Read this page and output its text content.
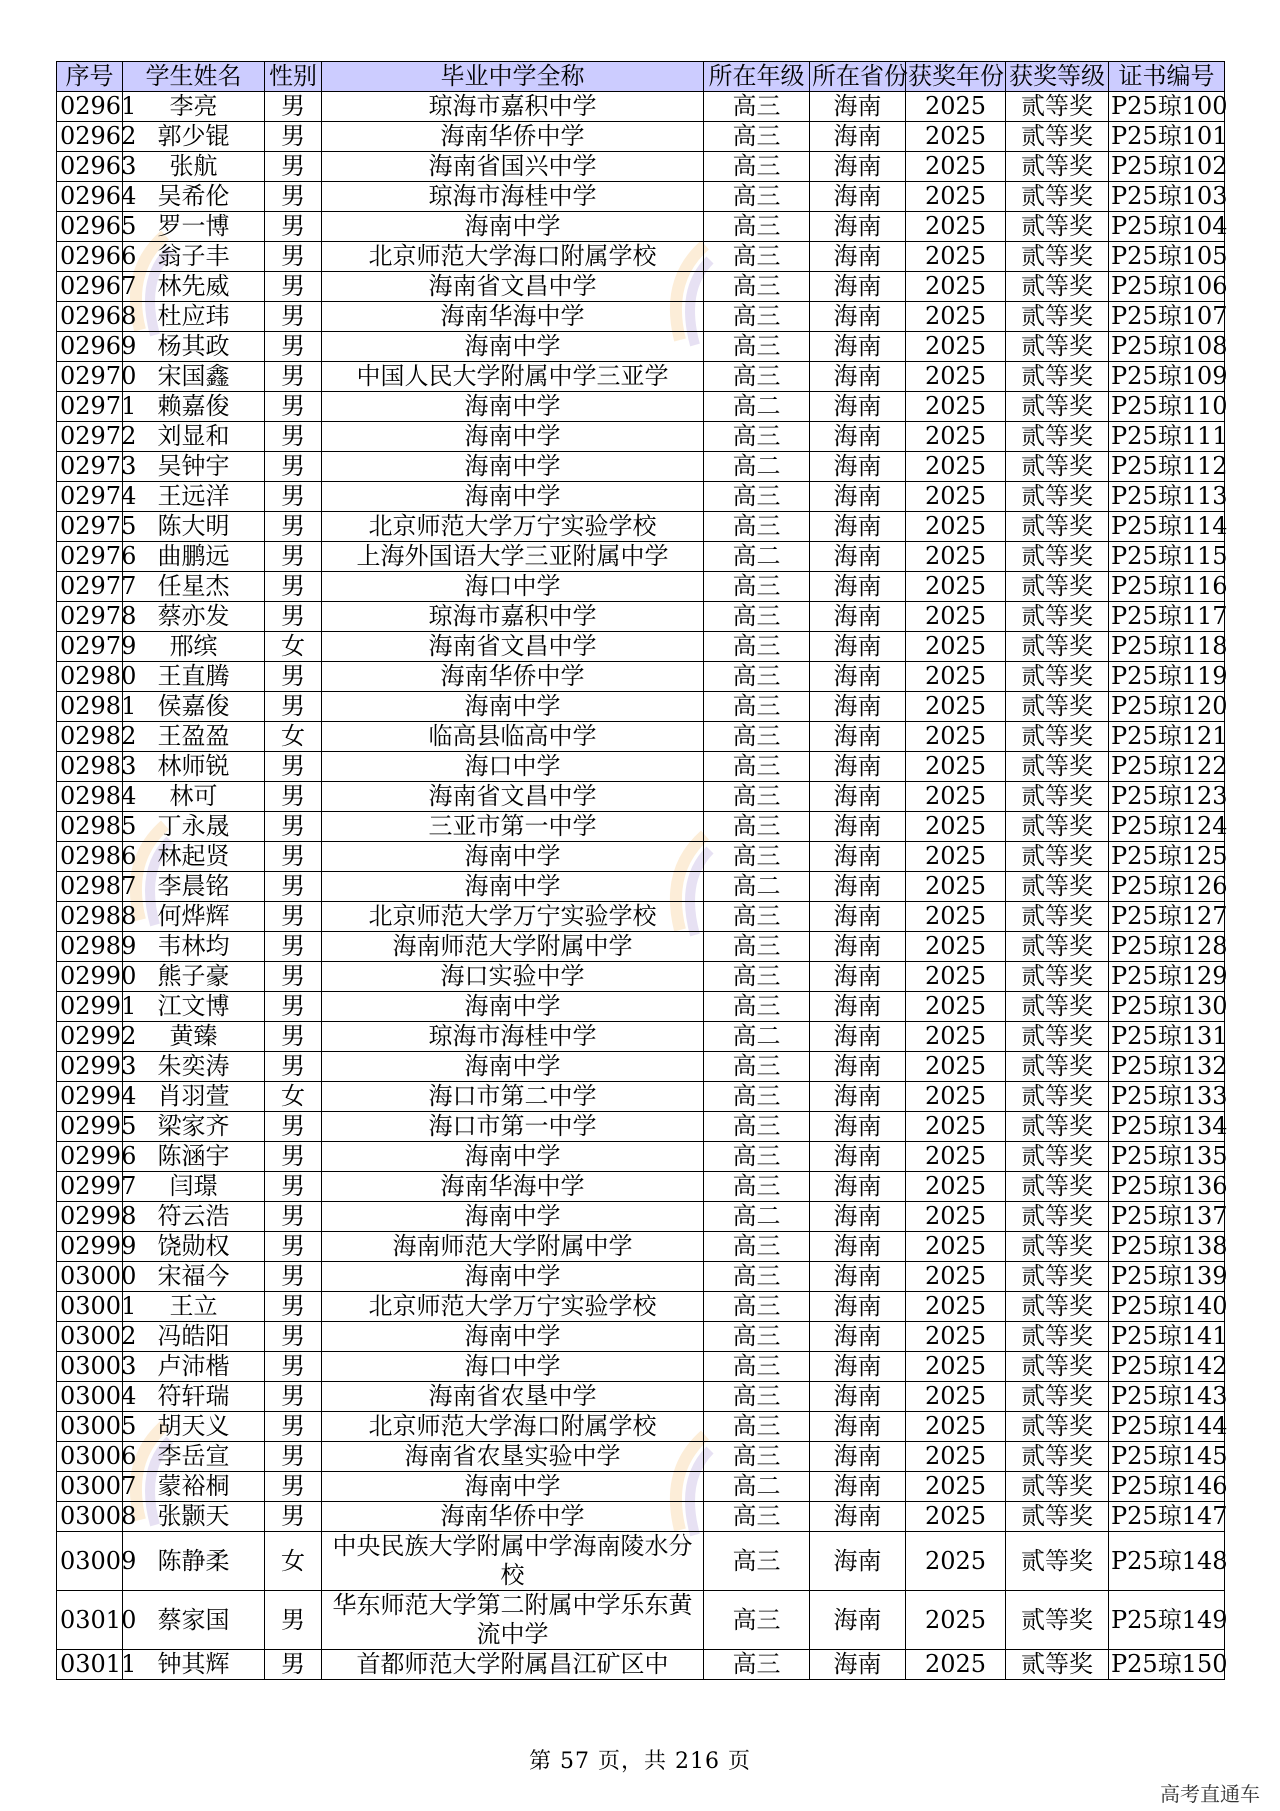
序号	学生姓名	性别	毕业中学全称	所在年级	所在省份	获奖年份	获奖等级	证书编号
02961	李亮	男	琼海市嘉积中学	高三	海南	2025	贰等奖	P25琼100
02962	郭少锟	男	海南华侨中学	高三	海南	2025	贰等奖	P25琼101
02963	张航	男	海南省国兴中学	高三	海南	2025	贰等奖	P25琼102
02964	吴希伦	男	琼海市海桂中学	高三	海南	2025	贰等奖	P25琼103
02965	罗一博	男	海南中学	高三	海南	2025	贰等奖	P25琼104
02966	翁子丰	男	北京师范大学海口附属学校	高三	海南	2025	贰等奖	P25琼105
02967	林先威	男	海南省文昌中学	高三	海南	2025	贰等奖	P25琼106
02968	杜应玮	男	海南华海中学	高三	海南	2025	贰等奖	P25琼107
02969	杨其政	男	海南中学	高三	海南	2025	贰等奖	P25琼108
02970	宋国鑫	男	中国人民大学附属中学三亚学	高三	海南	2025	贰等奖	P25琼109
02971	赖嘉俊	男	海南中学	高二	海南	2025	贰等奖	P25琼110
02972	刘显和	男	海南中学	高三	海南	2025	贰等奖	P25琼111
02973	吴钟宇	男	海南中学	高二	海南	2025	贰等奖	P25琼112
02974	王远洋	男	海南中学	高三	海南	2025	贰等奖	P25琼113
02975	陈大明	男	北京师范大学万宁实验学校	高三	海南	2025	贰等奖	P25琼114
02976	曲鹏远	男	上海外国语大学三亚附属中学	高二	海南	2025	贰等奖	P25琼115
02977	任星杰	男	海口中学	高三	海南	2025	贰等奖	P25琼116
02978	蔡亦发	男	琼海市嘉积中学	高三	海南	2025	贰等奖	P25琼117
02979	邢缤	女	海南省文昌中学	高三	海南	2025	贰等奖	P25琼118
02980	王直腾	男	海南华侨中学	高三	海南	2025	贰等奖	P25琼119
02981	侯嘉俊	男	海南中学	高三	海南	2025	贰等奖	P25琼120
02982	王盈盈	女	临高县临高中学	高三	海南	2025	贰等奖	P25琼121
02983	林师锐	男	海口中学	高三	海南	2025	贰等奖	P25琼122
02984	林可	男	海南省文昌中学	高三	海南	2025	贰等奖	P25琼123
02985	丁永晟	男	三亚市第一中学	高三	海南	2025	贰等奖	P25琼124
02986	林起贤	男	海南中学	高三	海南	2025	贰等奖	P25琼125
02987	李晨铭	男	海南中学	高二	海南	2025	贰等奖	P25琼126
02988	何烨辉	男	北京师范大学万宁实验学校	高三	海南	2025	贰等奖	P25琼127
02989	韦林均	男	海南师范大学附属中学	高三	海南	2025	贰等奖	P25琼128
02990	熊子豪	男	海口实验中学	高三	海南	2025	贰等奖	P25琼129
02991	江文博	男	海南中学	高三	海南	2025	贰等奖	P25琼130
02992	黄臻	男	琼海市海桂中学	高二	海南	2025	贰等奖	P25琼131
02993	朱奕涛	男	海南中学	高三	海南	2025	贰等奖	P25琼132
02994	肖羽萱	女	海口市第二中学	高三	海南	2025	贰等奖	P25琼133
02995	梁家齐	男	海口市第一中学	高三	海南	2025	贰等奖	P25琼134
02996	陈涵宇	男	海南中学	高三	海南	2025	贰等奖	P25琼135
02997	闫璟	男	海南华海中学	高三	海南	2025	贰等奖	P25琼136
02998	符云浩	男	海南中学	高二	海南	2025	贰等奖	P25琼137
02999	饶勋权	男	海南师范大学附属中学	高三	海南	2025	贰等奖	P25琼138
03000	宋福今	男	海南中学	高三	海南	2025	贰等奖	P25琼139
03001	王立	男	北京师范大学万宁实验学校	高三	海南	2025	贰等奖	P25琼140
03002	冯皓阳	男	海南中学	高三	海南	2025	贰等奖	P25琼141
03003	卢沛楷	男	海口中学	高三	海南	2025	贰等奖	P25琼142
03004	符轩瑞	男	海南省农垦中学	高三	海南	2025	贰等奖	P25琼143
03005	胡天义	男	北京师范大学海口附属学校	高三	海南	2025	贰等奖	P25琼144
03006	李岳宣	男	海南省农垦实验中学	高三	海南	2025	贰等奖	P25琼145
03007	蒙裕桐	男	海南中学	高二	海南	2025	贰等奖	P25琼146
03008	张颢天	男	海南华侨中学	高三	海南	2025	贰等奖	P25琼147
03009	陈静柔	女	中央民族大学附属中学海南陵水分校	高三	海南	2025	贰等奖	P25琼148
03010	蔡家国	男	华东师范大学第二附属中学乐东黄流中学	高三	海南	2025	贰等奖	P25琼149
03011	钟其辉	男	首都师范大学附属昌江矿区中	高三	海南	2025	贰等奖	P25琼150
第 57 页，共 216 页
高考直通车
